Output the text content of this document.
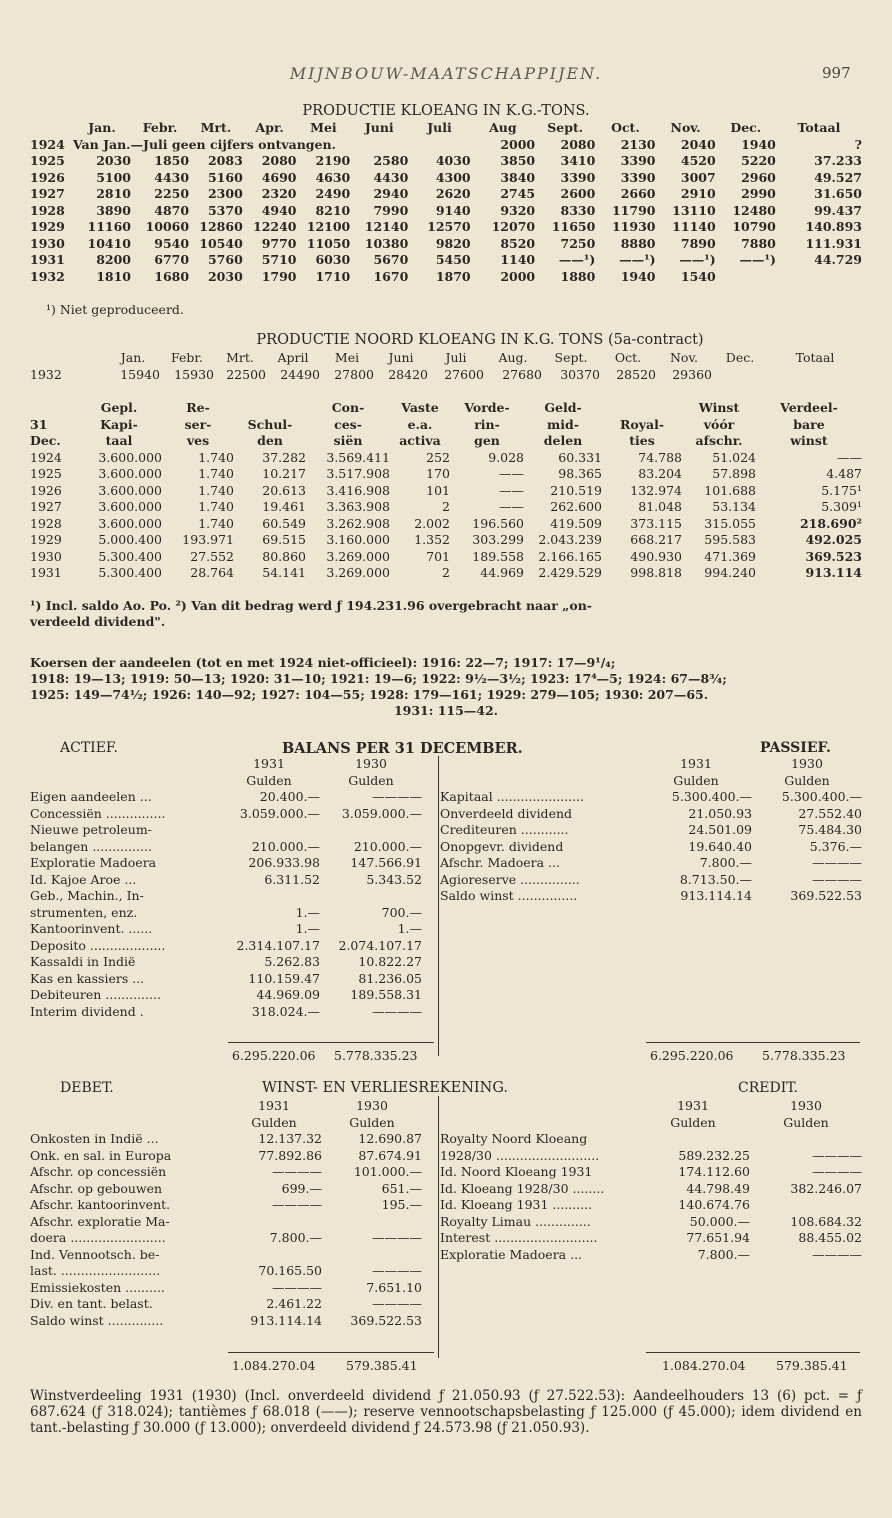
MIJNBOUW-MAATSCHAPPIJEN.	997
PRODUCTIE KLOEANG IN K.G.-TONS.
	Jan.	Febr.	Mrt.	Apr.	Mei	Juni	Juli	Aug	Sept.	Oct.	Nov.	Dec.	Totaal
1924	Van Jan.—Juli geen cijfers ontvangen.							2000	2080	2130	2040	1940	?
1925	2030	1850	2083	2080	2190	2580	4030	3850	3410	3390	4520	5220	37.233
1926	5100	4430	5160	4690	4630	4430	4300	3840	3390	3390	3007	2960	49.527
1927	2810	2250	2300	2320	2490	2940	2620	2745	2600	2660	2910	2990	31.650
1928	3890	4870	5370	4940	8210	7990	9140	9320	8330	11790	13110	12480	99.437
1929	11160	10060	12860	12240	12100	12140	12570	12070	11650	11930	11140	10790	140.893
1930	10410	9540	10540	9770	11050	10380	9820	8520	7250	8880	7890	7880	111.931
1931	8200	6770	5760	5710	6030	5670	5450	1140	——¹)	——¹)	——¹)	——¹)	44.729
1932	1810	1680	2030	1790	1710	1670	1870	2000	1880	1940	1540		
¹) Niet geproduceerd.
PRODUCTIE NOORD KLOEANG IN K.G. TONS (5a-contract)
	Jan.	Febr.	Mrt.	April	Mei	Juni	Juli	Aug.	Sept.	Oct.	Nov.	Dec.	Totaal
1932	15940	15930	22500	24490	27800	28420	27600	27680	30370	28520	29360		
	Gepl.	Re-		Con-	Vaste	Vorde-	Geld-		Winst	Verdeel-
31	Kapi-	ser-	Schul-	ces-	e.a.	rin-	mid-	Royal-	vóór	bare
Dec.	taal	ves	den	siën	activa	gen	delen	ties	afschr.	winst
1924	3.600.000	1.740	37.282	3.569.411	252	9.028	60.331	74.788	51.024	——
1925	3.600.000	1.740	10.217	3.517.908	170	——	98.365	83.204	57.898	4.487
1926	3.600.000	1.740	20.613	3.416.908	101	——	210.519	132.974	101.688	5.175¹
1927	3.600.000	1.740	19.461	3.363.908	2	——	262.600	81.048	53.134	5.309¹
1928	3.600.000	1.740	60.549	3.262.908	2.002	196.560	419.509	373.115	315.055	218.690²
1929	5.000.400	193.971	69.515	3.160.000	1.352	303.299	2.043.239	668.217	595.583	492.025
1930	5.300.400	27.552	80.860	3.269.000	701	189.558	2.166.165	490.930	471.369	369.523
1931	5.300.400	28.764	54.141	3.269.000	2	44.969	2.429.529	998.818	994.240	913.114
¹) Incl. saldo Ao. Po. ²) Van dit bedrag werd ƒ 194.231.96 overgebracht naar „on-
verdeeld dividend".
Koersen der aandeelen (tot en met 1924 niet-officieel): 1916: 22—7; 1917: 17—9¹/₄;
1918: 19—13; 1919: 50—13; 1920: 31—10; 1921: 19—6; 1922: 9½—3½; 1923: 17⁴—5; 1924: 67—8¾;
1925: 149—74½; 1926: 140—92; 1927: 104—55; 1928: 179—161; 1929: 279—105; 1930: 207—65.
1931: 115—42.
ACTIEF.	BALANS PER 31 DECEMBER.	PASSIEF.
	1931	1930	
	Gulden	Gulden	
Eigen aandeelen ...	20.400.—	————	
Concessiën ...............	3.059.000.—	3.059.000.—	
Nieuwe petroleum-			
belangen ...............	210.000.—	210.000.—	
Exploratie Madoera	206.933.98	147.566.91	
Id. Kajoe Aroe ...	6.311.52	5.343.52	
Geb., Machin., In-			
strumenten, enz.	1.—	700.—	
Kantoorinvent. ......	1.—	1.—	
Deposito ...................	2.314.107.17	2.074.107.17	
Kassaldi in Indië	5.262.83	10.822.27	
Kas en kassiers ...	110.159.47	81.236.05	
Debiteuren ..............	44.969.09	189.558.31	
Interim dividend .	318.024.—	————	
	1931	1930
	Gulden	Gulden
Kapitaal ......................	5.300.400.—	5.300.400.—
Onverdeeld dividend	21.050.93	27.552.40
Crediteuren ............	24.501.09	75.484.30
Onopgevr. dividend	19.640.40	5.376.—
Afschr. Madoera ...	7.800.—	————
Agioreserve ...............	8.713.50.—	————
Saldo winst ...............	913.114.14	369.522.53
6.295.220.06 5.778.335.23	6.295.220.06 5.778.335.23
DEBET.	WINST- EN VERLIESREKENING.	CREDIT.
	1931	1930	
	Gulden	Gulden	
Onkosten in Indië ...	12.137.32	12.690.87	
Onk. en sal. in Europa	77.892.86	87.674.91	
Afschr. op concessiën	————	101.000.—	
Afschr. op gebouwen	699.—	651.—	
Afschr. kantoorinvent.	————	195.—	
Afschr. exploratie Ma-			
doera ........................	7.800.—	————	
Ind. Vennootsch. be-			
last. .........................	70.165.50	————	
Emissiekosten ..........	————	7.651.10	
Div. en tant. belast.	2.461.22	————	
Saldo winst ..............	913.114.14	369.522.53	
	1931	1930
	Gulden	Gulden
Royalty Noord Kloeang		
1928/30 ..........................	589.232.25	————
Id. Noord Kloeang 1931	174.112.60	————
Id. Kloeang 1928/30 ........	44.798.49	382.246.07
Id. Kloeang 1931 ..........	140.674.76	
Royalty Limau ..............	50.000.—	108.684.32
Interest ..........................	77.651.94	88.455.02
Exploratie Madoera ...	7.800.—	————
1.084.270.04 579.385.41	1.084.270.04 579.385.41
Winstverdeeling 1931 (1930) (Incl. onverdeeld dividend ƒ 21.050.93 (ƒ 27.522.53): Aandeelhouders 13 (6) pct. = ƒ 687.624 (ƒ 318.024); tantièmes ƒ 68.018 (——); reserve vennootschapsbelasting ƒ 125.000 (ƒ 45.000); idem dividend en tant.-belasting ƒ 30.000 (ƒ 13.000); onverdeeld dividend ƒ 24.573.98 (ƒ 21.050.93).
